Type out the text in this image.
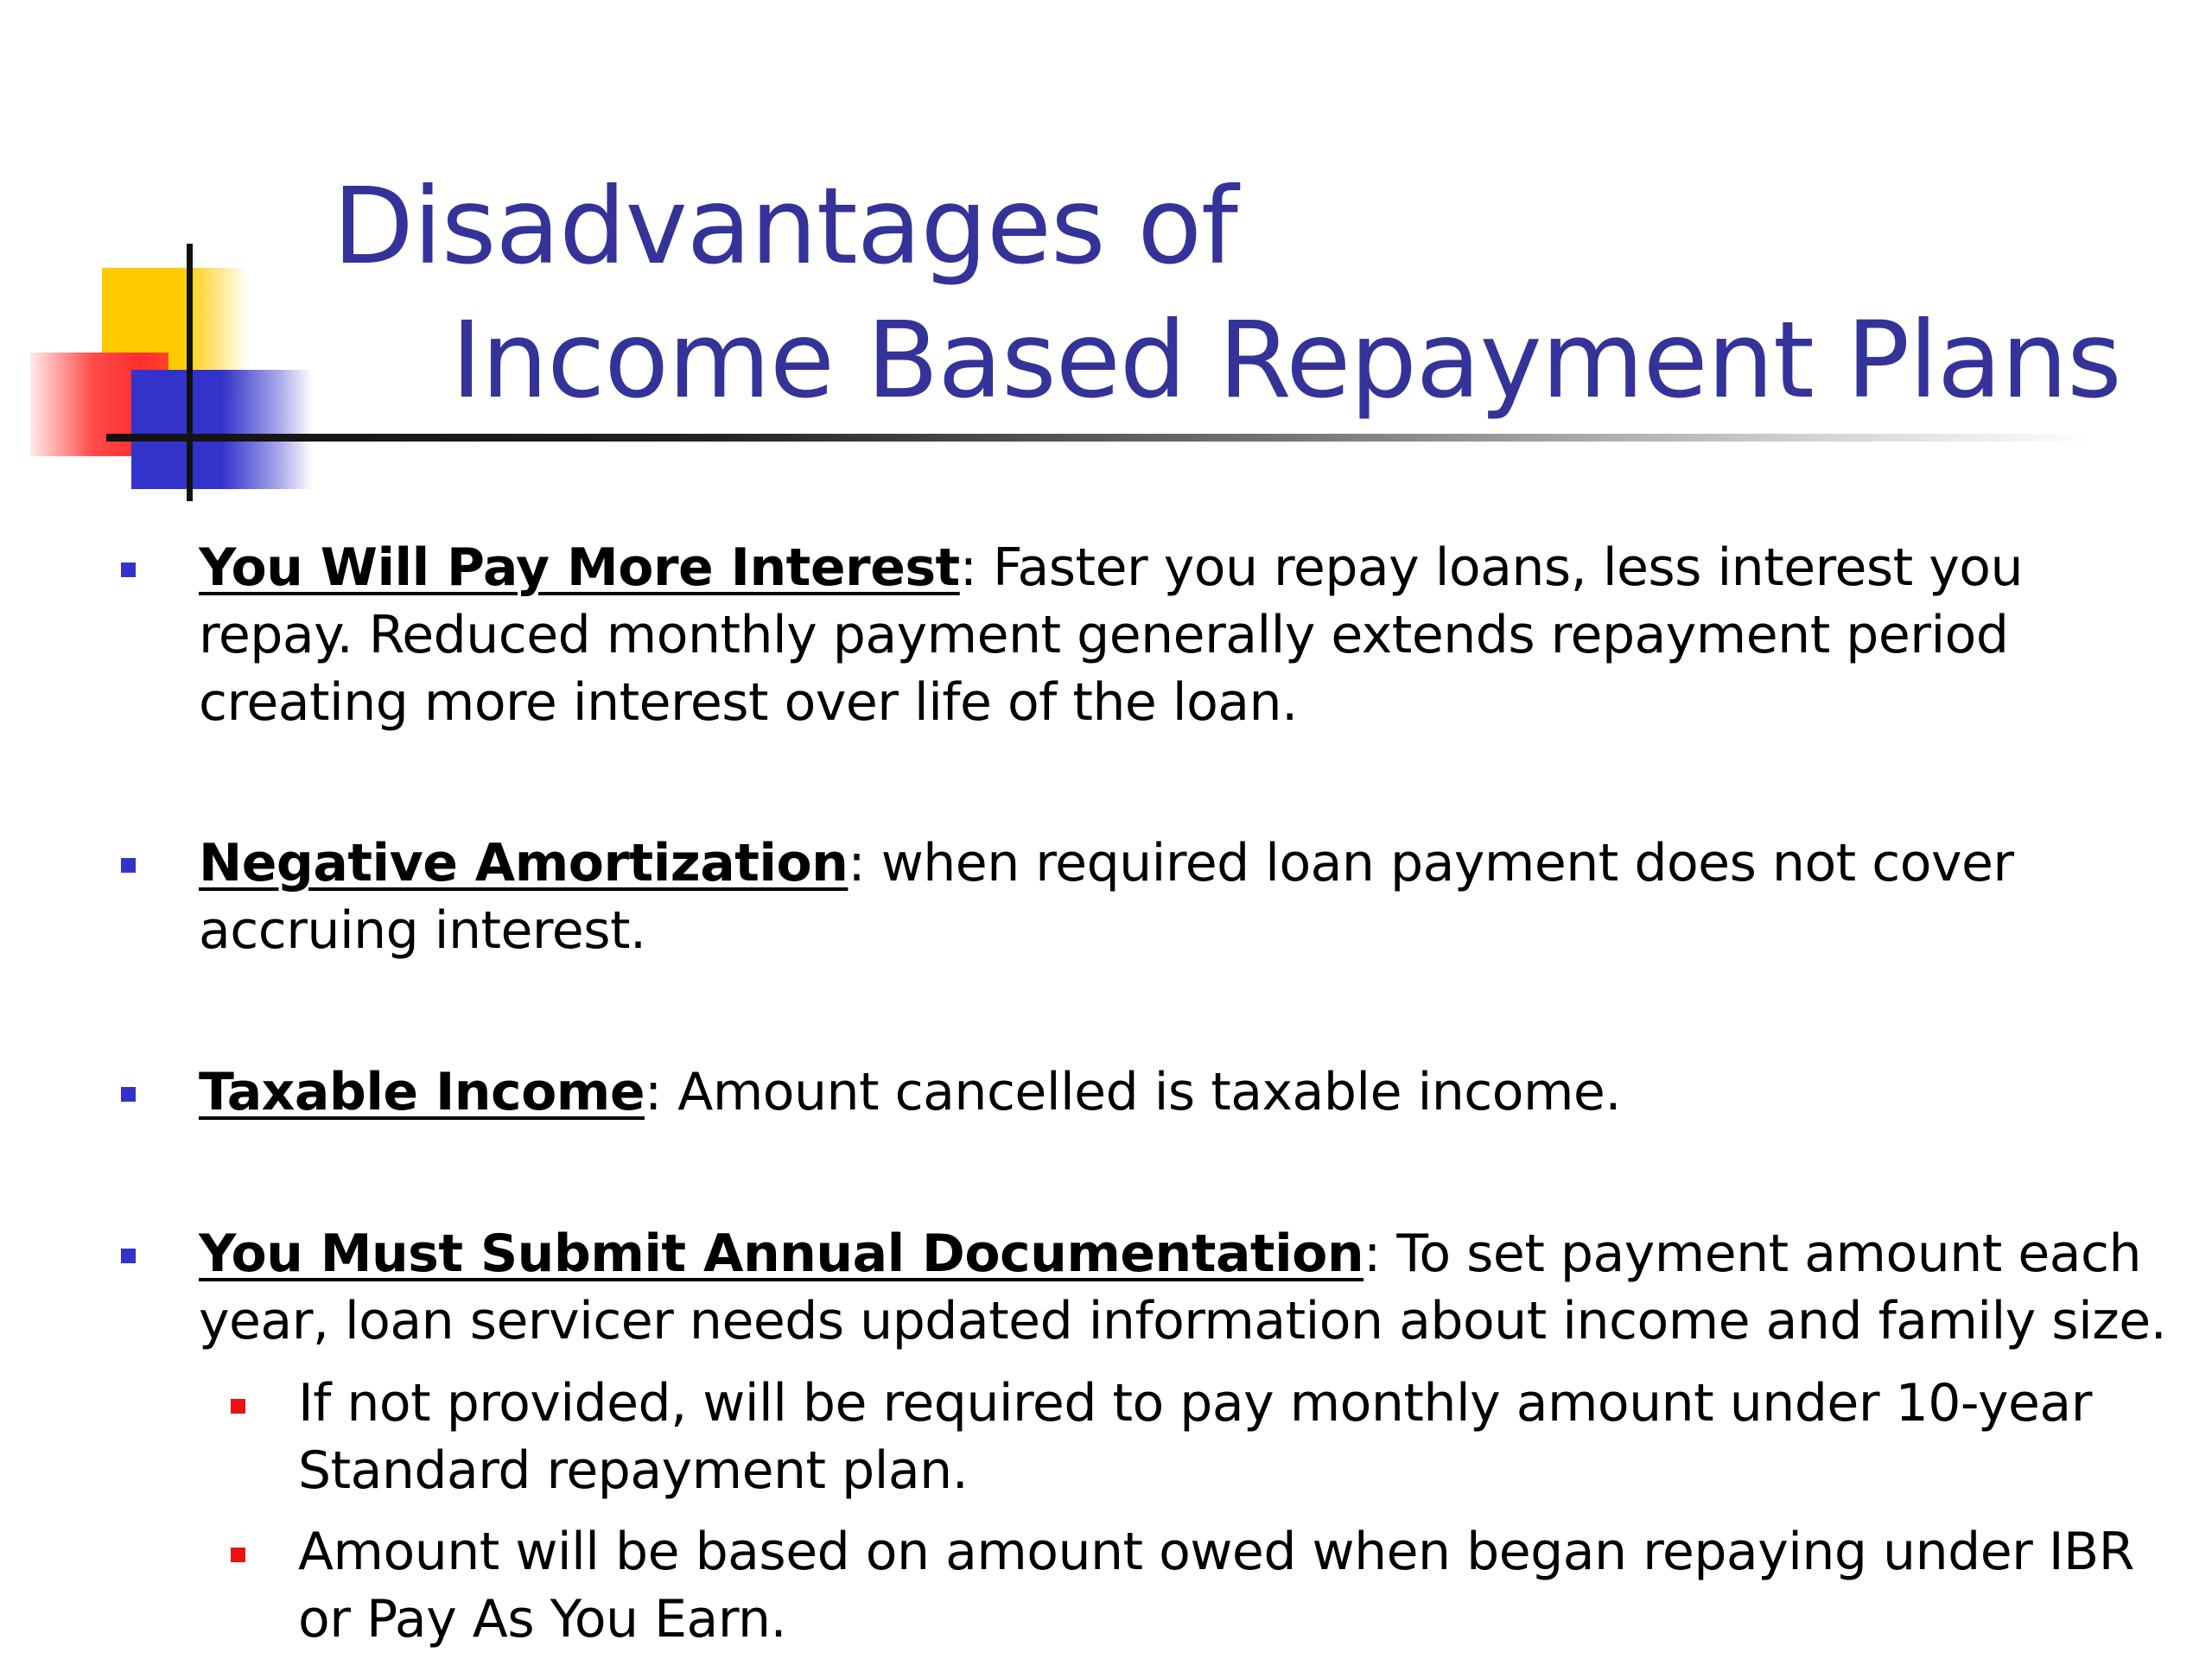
Disadvantages of
Income Based Repayment Plans
You Will Pay More Interest: Faster you repay loans, less interest you repay. Reduced monthly payment generally extends repayment period creating more interest over life of the loan.
Negative Amortization: when required loan payment does not cover accruing interest.
Taxable Income: Amount cancelled is taxable income.
You Must Submit Annual Documentation: To set payment amount each year, loan servicer needs updated information about income and family size.
If not provided, will be required to pay monthly amount under 10-year Standard repayment plan.
Amount will be based on amount owed when began repaying under IBR or Pay As You Earn.
